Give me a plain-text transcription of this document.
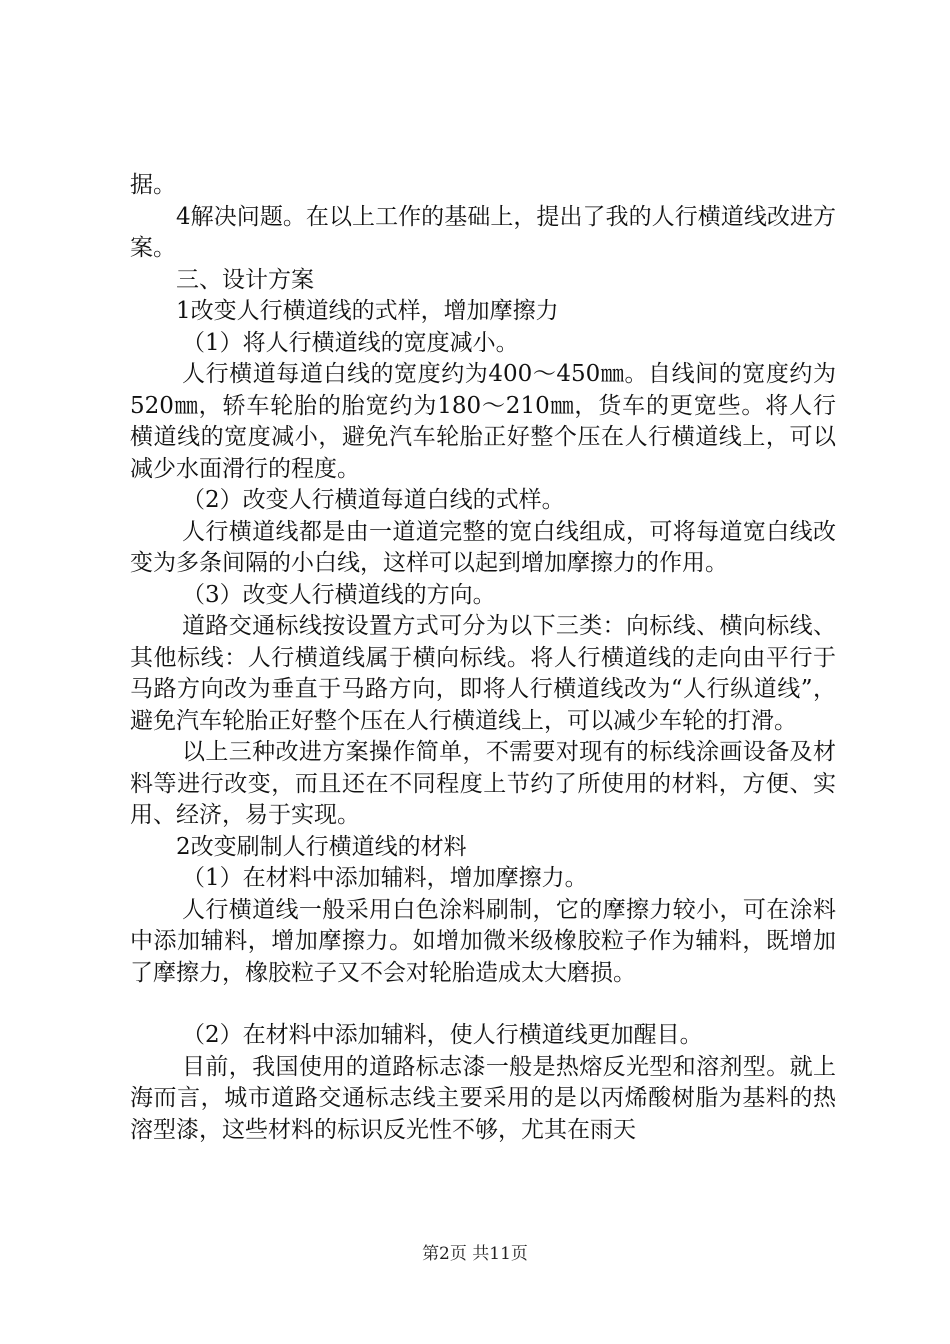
据。

4解决问题。在以上工作的基础上，提出了我的人行横道线改进方案。

三、设计方案

1改变人行横道线的式样，增加摩擦力

（1）将人行横道线的宽度减小。

人行横道每道白线的宽度约为400～450㎜。自线间的宽度约为520㎜，轿车轮胎的胎宽约为180～210㎜，货车的更宽些。将人行横道线的宽度减小，避免汽车轮胎正好整个压在人行横道线上，可以减少水面滑行的程度。

（2）改变人行横道每道白线的式样。

人行横道线都是由一道道完整的宽白线组成，可将每道宽白线改变为多条间隔的小白线，这样可以起到增加摩擦力的作用。

（3）改变人行横道线的方向。

道路交通标线按设置方式可分为以下三类：向标线、横向标线、其他标线：人行横道线属于横向标线。将人行横道线的走向由平行于马路方向改为垂直于马路方向，即将人行横道线改为“人行纵道线”，避免汽车轮胎正好整个压在人行横道线上，可以减少车轮的打滑。

以上三种改进方案操作简单，不需要对现有的标线涂画设备及材料等进行改变，而且还在不同程度上节约了所使用的材料，方便、实用、经济，易于实现。

2改变刷制人行横道线的材料

（1）在材料中添加辅料，增加摩擦力。

人行横道线一般采用白色涂料刷制，它的摩擦力较小，可在涂料中添加辅料，增加摩擦力。如增加微米级橡胶粒子作为辅料，既增加了摩擦力，橡胶粒子又不会对轮胎造成太大磨损。

（2）在材料中添加辅料，使人行横道线更加醒目。

目前，我国使用的道路标志漆一般是热熔反光型和溶剂型。就上海而言，城市道路交通标志线主要采用的是以丙烯酸树脂为基料的热溶型漆，这些材料的标识反光性不够，尤其在雨天

第2页 共11页
